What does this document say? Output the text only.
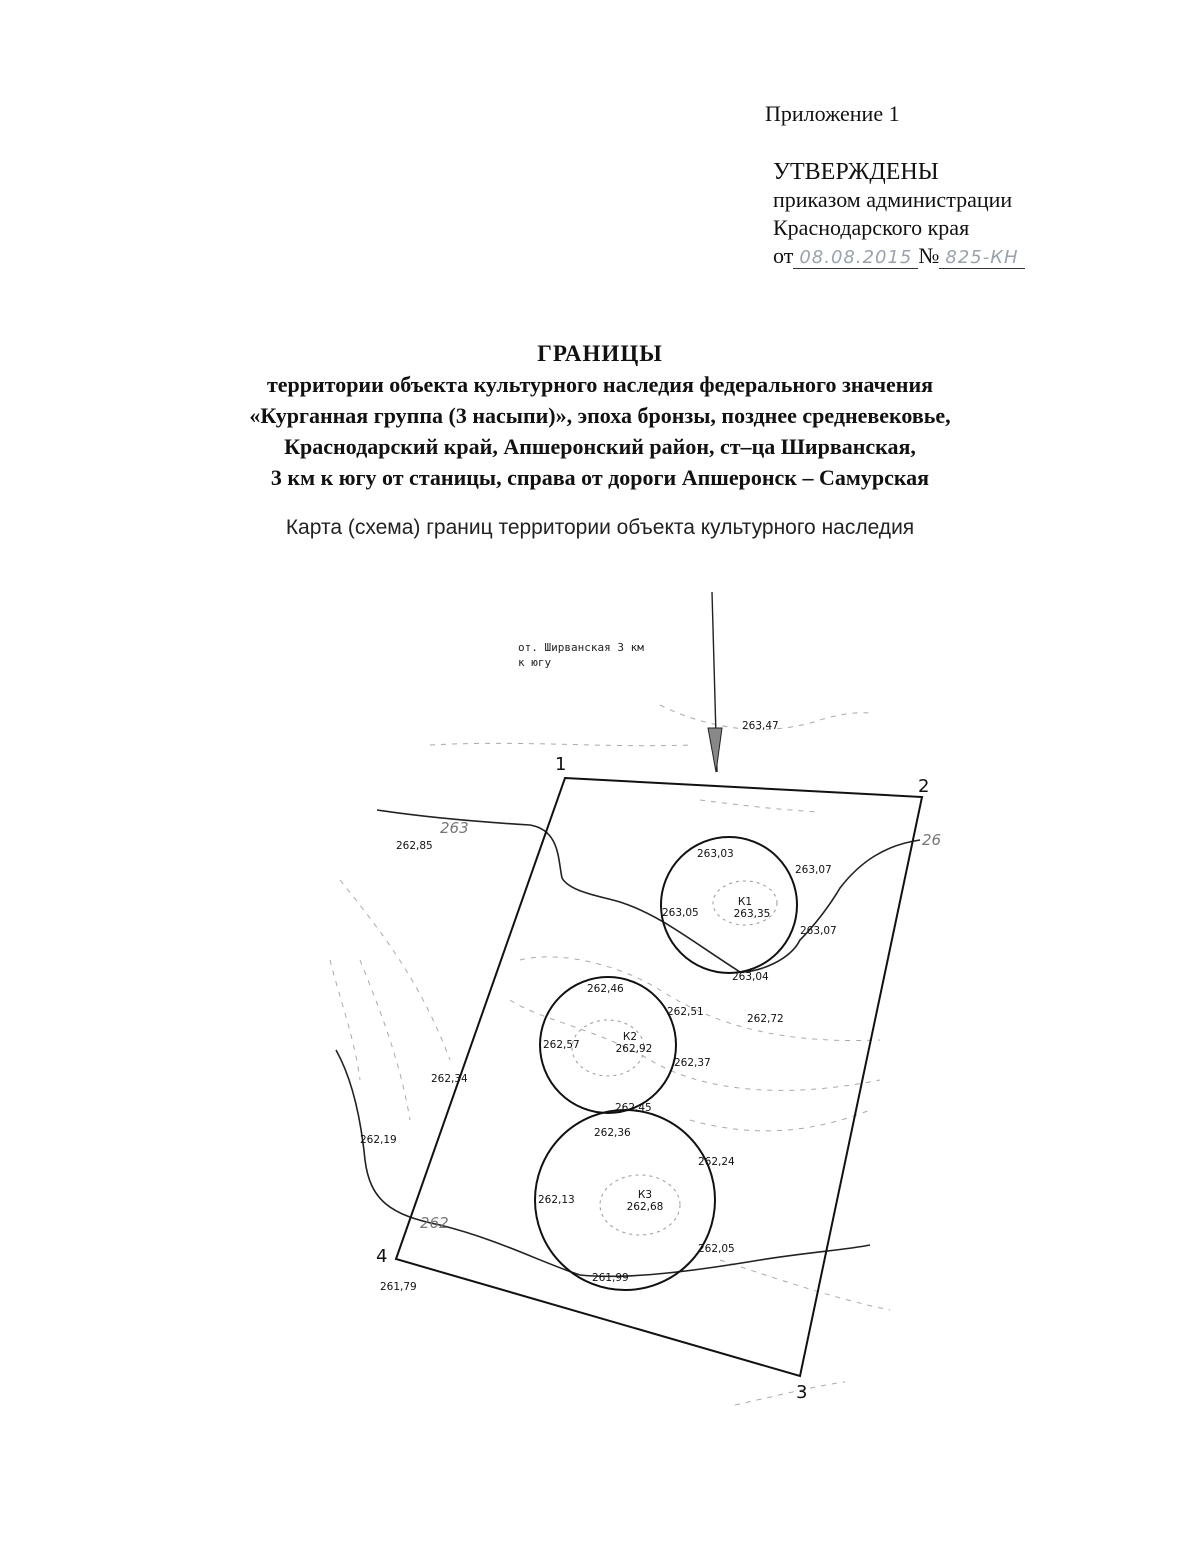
Приложение 1
УТВЕРЖДЕНЫ
приказом администрации
Краснодарского края
от 08.08.2015 № 825-КН
ГРАНИЦЫ
территории объекта культурного наследия федерального значения
«Курганная группа (3 насыпи)», эпоха бронзы, позднее средневековье,
Краснодарский край, Апшеронский район, ст–ца Ширванская,
3 км к югу от станицы, справа от дороги Апшеронск – Самурская
Карта (схема) границ территории объекта культурного наследия
от. Ширванская 3 км
к югу
1
2
3
4
263
262
26
К1
263,35
К2
262,92
К3
262,68
263,47
262,85
263,03
263,07
263,05
263,07
263,04
262,46
262,51
262,72
262,57
262,37
262,34
262,45
262,19
262,36
262,24
262,13
262,05
261,99
261,79
